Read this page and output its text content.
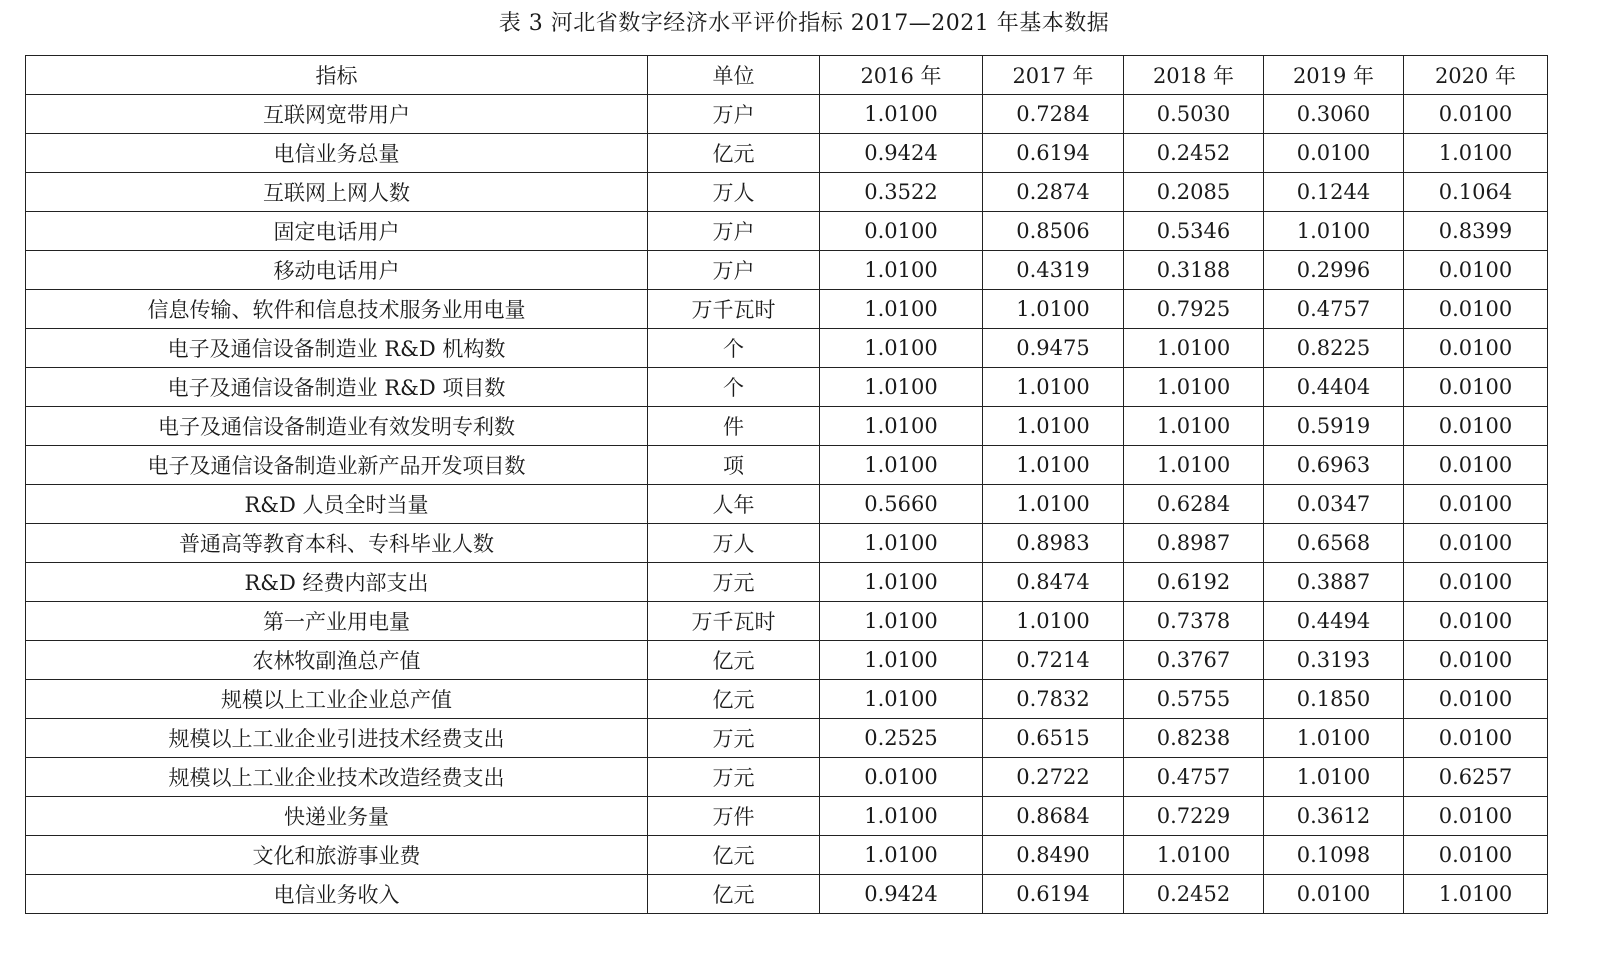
表 3 河北省数字经济水平评价指标 2017—2021 年基本数据
指标	单位	2016 年	2017 年	2018 年	2019 年	2020 年
互联网宽带用户	万户	1.0100	0.7284	0.5030	0.3060	0.0100
电信业务总量	亿元	0.9424	0.6194	0.2452	0.0100	1.0100
互联网上网人数	万人	0.3522	0.2874	0.2085	0.1244	0.1064
固定电话用户	万户	0.0100	0.8506	0.5346	1.0100	0.8399
移动电话用户	万户	1.0100	0.4319	0.3188	0.2996	0.0100
信息传输、软件和信息技术服务业用电量	万千瓦时	1.0100	1.0100	0.7925	0.4757	0.0100
电子及通信设备制造业 R&D 机构数	个	1.0100	0.9475	1.0100	0.8225	0.0100
电子及通信设备制造业 R&D 项目数	个	1.0100	1.0100	1.0100	0.4404	0.0100
电子及通信设备制造业有效发明专利数	件	1.0100	1.0100	1.0100	0.5919	0.0100
电子及通信设备制造业新产品开发项目数	项	1.0100	1.0100	1.0100	0.6963	0.0100
R&D 人员全时当量	人年	0.5660	1.0100	0.6284	0.0347	0.0100
普通高等教育本科、专科毕业人数	万人	1.0100	0.8983	0.8987	0.6568	0.0100
R&D 经费内部支出	万元	1.0100	0.8474	0.6192	0.3887	0.0100
第一产业用电量	万千瓦时	1.0100	1.0100	0.7378	0.4494	0.0100
农林牧副渔总产值	亿元	1.0100	0.7214	0.3767	0.3193	0.0100
规模以上工业企业总产值	亿元	1.0100	0.7832	0.5755	0.1850	0.0100
规模以上工业企业引进技术经费支出	万元	0.2525	0.6515	0.8238	1.0100	0.0100
规模以上工业企业技术改造经费支出	万元	0.0100	0.2722	0.4757	1.0100	0.6257
快递业务量	万件	1.0100	0.8684	0.7229	0.3612	0.0100
文化和旅游事业费	亿元	1.0100	0.8490	1.0100	0.1098	0.0100
电信业务收入	亿元	0.9424	0.6194	0.2452	0.0100	1.0100
